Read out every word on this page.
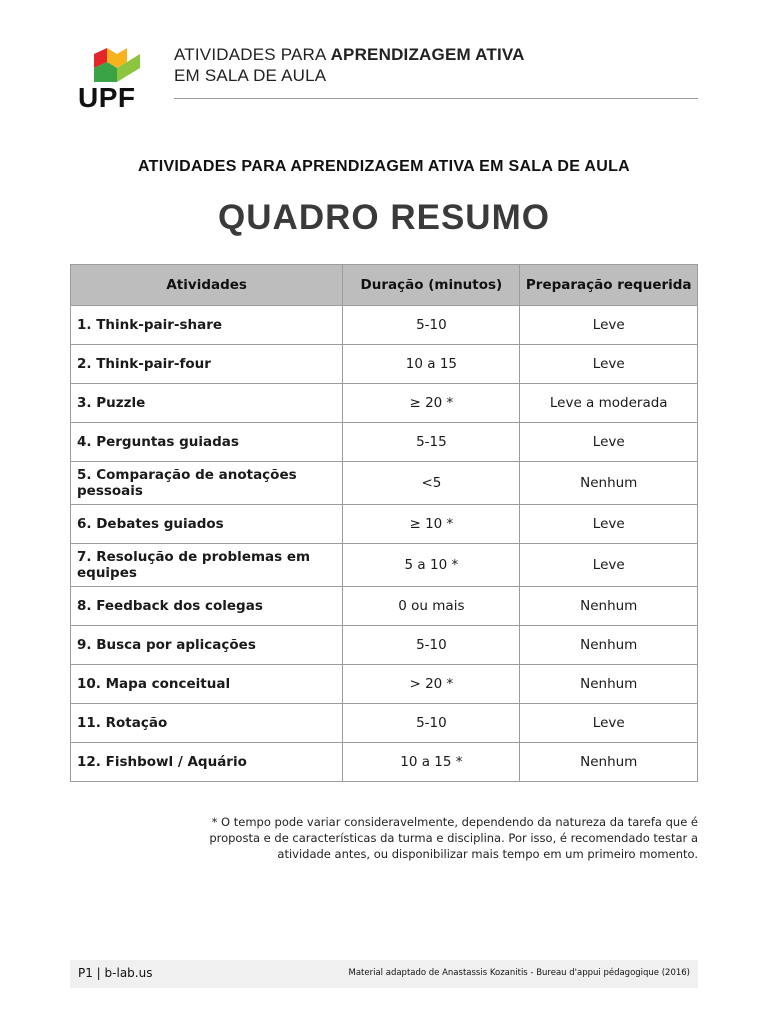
UPF
ATIVIDADES PARA APRENDIZAGEM ATIVA
EM SALA DE AULA
ATIVIDADES PARA APRENDIZAGEM ATIVA EM SALA DE AULA
QUADRO RESUMO
Atividades	Duração (minutos)	Preparação requerida
1. Think-pair-share	5-10	Leve
2. Think-pair-four	10 a 15	Leve
3. Puzzle	≥ 20 *	Leve a moderada
4. Perguntas guiadas	5-15	Leve
5. Comparação de anotações pessoais	<5	Nenhum
6. Debates guiados	≥ 10 *	Leve
7. Resolução de problemas em equipes	5 a 10 *	Leve
8. Feedback dos colegas	0 ou mais	Nenhum
9. Busca por aplicações	5-10	Nenhum
10. Mapa conceitual	> 20 *	Nenhum
11. Rotação	5-10	Leve
12. Fishbowl / Aquário	10 a 15 *	Nenhum
* O tempo pode variar consideravelmente, dependendo da natureza da tarefa que é proposta e de características da turma e disciplina. Por isso, é recomendado testar a atividade antes, ou disponibilizar mais tempo em um primeiro momento.
P1 | b-lab.us	Material adaptado de Anastassis Kozanitis - Bureau d'appui pédagogique (2016)
